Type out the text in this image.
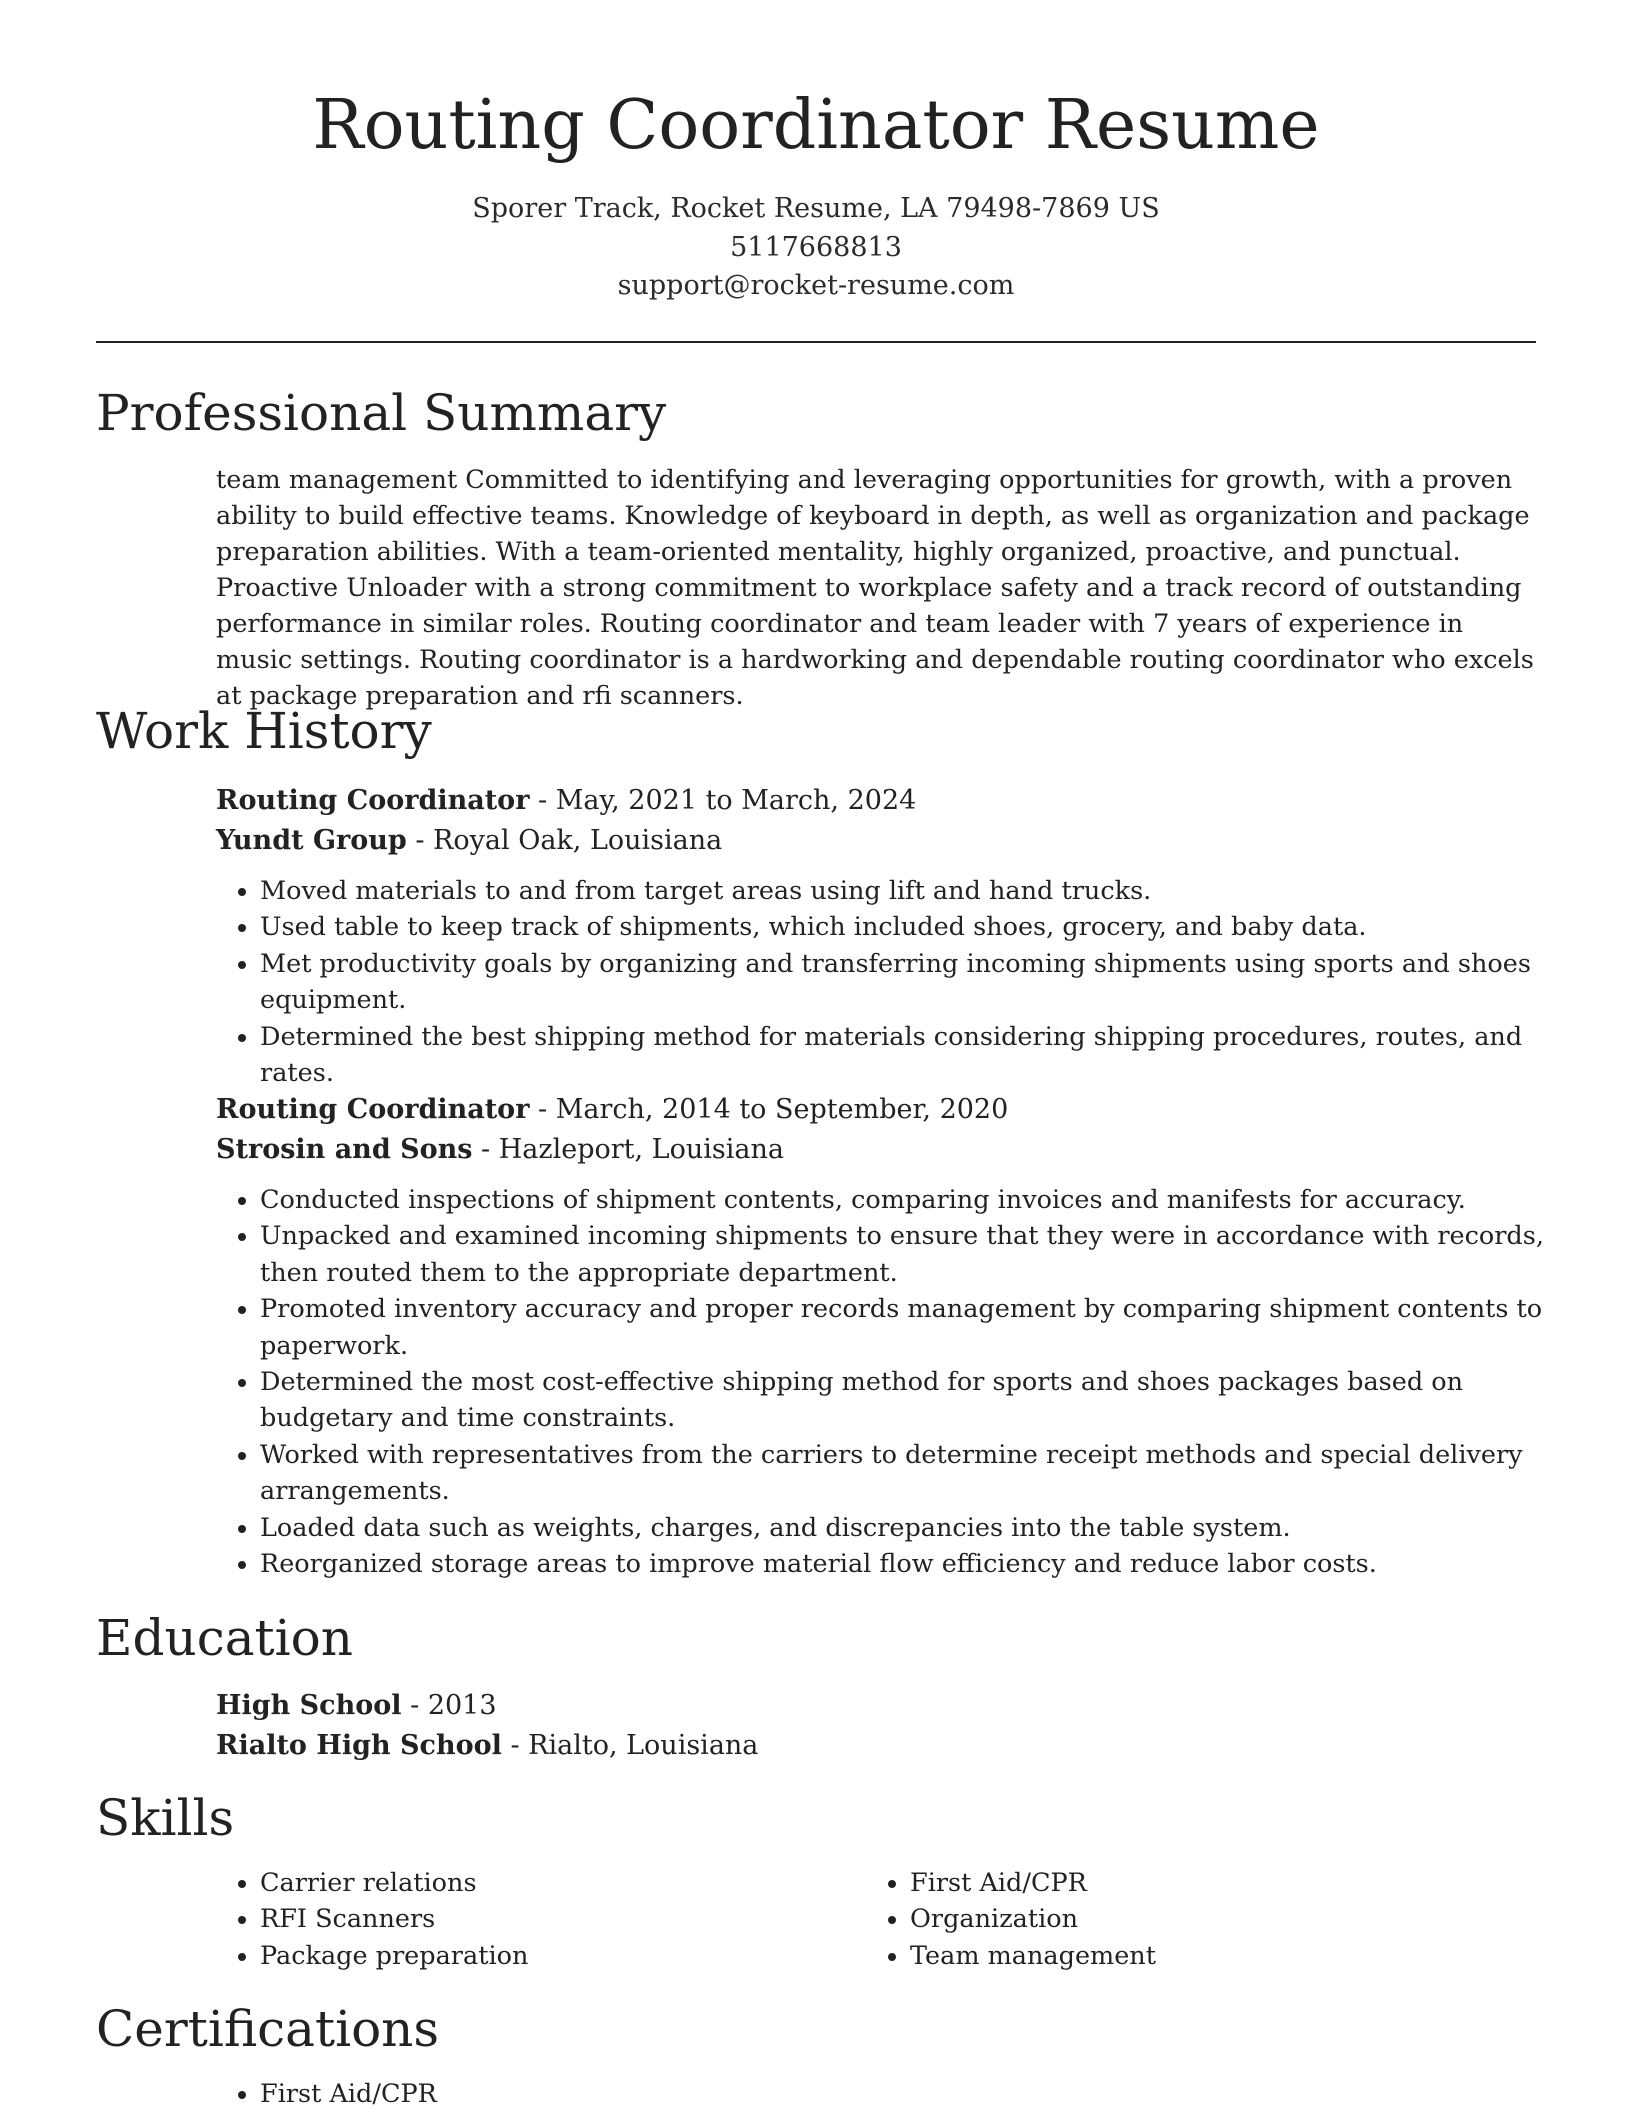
Routing Coordinator Resume
Sporer Track, Rocket Resume, LA 79498-7869 US
5117668813
support@rocket-resume.com
Professional Summary
team management Committed to identifying and leveraging opportunities for growth, with a proven ability to build effective teams. Knowledge of keyboard in depth, as well as organization and package preparation abilities. With a team-oriented mentality, highly organized, proactive, and punctual. Proactive Unloader with a strong commitment to workplace safety and a track record of outstanding performance in similar roles. Routing coordinator and team leader with 7 years of experience in music settings. Routing coordinator is a hardworking and dependable routing coordinator who excels at package preparation and rfi scanners.
Work History
Routing Coordinator - May, 2021 to March, 2024
Yundt Group - Royal Oak, Louisiana
• Moved materials to and from target areas using lift and hand trucks.
• Used table to keep track of shipments, which included shoes, grocery, and baby data.
• Met productivity goals by organizing and transferring incoming shipments using sports and shoes equipment.
• Determined the best shipping method for materials considering shipping procedures, routes, and rates.
Routing Coordinator - March, 2014 to September, 2020
Strosin and Sons - Hazleport, Louisiana
• Conducted inspections of shipment contents, comparing invoices and manifests for accuracy.
• Unpacked and examined incoming shipments to ensure that they were in accordance with records, then routed them to the appropriate department.
• Promoted inventory accuracy and proper records management by comparing shipment contents to paperwork.
• Determined the most cost-effective shipping method for sports and shoes packages based on budgetary and time constraints.
• Worked with representatives from the carriers to determine receipt methods and special delivery arrangements.
• Loaded data such as weights, charges, and discrepancies into the table system.
• Reorganized storage areas to improve material flow efficiency and reduce labor costs.
Education
High School - 2013
Rialto High School - Rialto, Louisiana
Skills
• Carrier relations
• RFI Scanners
• Package preparation
• First Aid/CPR
• Organization
• Team management
Certifications
• First Aid/CPR
